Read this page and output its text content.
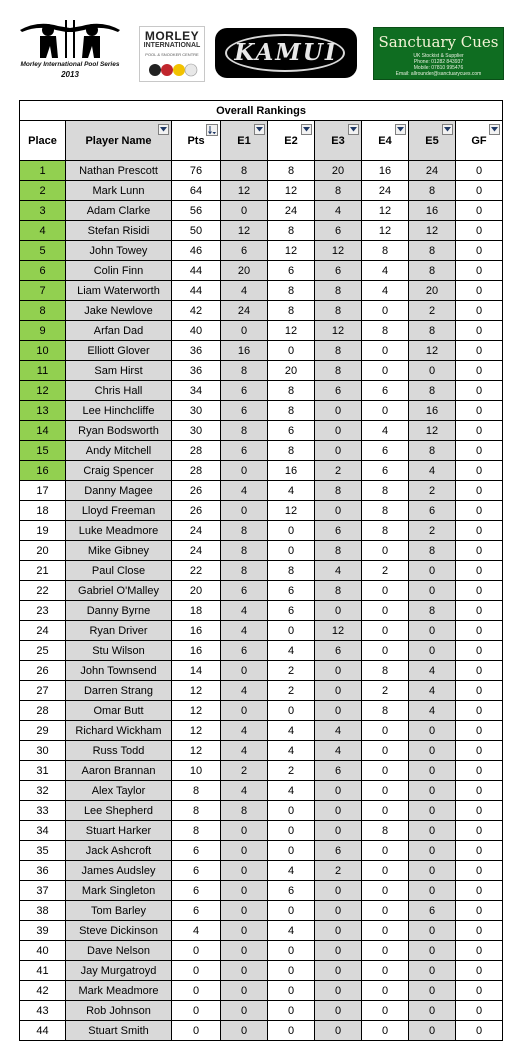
Morley International Pool Series
2013
MORLEY
INTERNATIONAL
POOL & SNOOKER CENTRE	KAMUI	Sanctuary Cues
UK Stockist & Supplier
Phone: 01282 843937
Mobile: 07810 995476
Email: allrounder@sanctuarycues.com
Overall Rankings								
Place	Player Name	Pts	E1	E2	E3	E4	E5	GF

1	Nathan Prescott	76	8	8	20	16	24	0
2	Mark Lunn	64	12	12	8	24	8	0
3	Adam Clarke	56	0	24	4	12	16	0
4	Stefan Risidi	50	12	8	6	12	12	0
5	John Towey	46	6	12	12	8	8	0
6	Colin Finn	44	20	6	6	4	8	0
7	Liam Waterworth	44	4	8	8	4	20	0
8	Jake Newlove	42	24	8	8	0	2	0
9	Arfan Dad	40	0	12	12	8	8	0
10	Elliott Glover	36	16	0	8	0	12	0
11	Sam Hirst	36	8	20	8	0	0	0
12	Chris Hall	34	6	8	6	6	8	0
13	Lee Hinchcliffe	30	6	8	0	0	16	0
14	Ryan Bodsworth	30	8	6	0	4	12	0
15	Andy Mitchell	28	6	8	0	6	8	0
16	Craig Spencer	28	0	16	2	6	4	0
17	Danny Magee	26	4	4	8	8	2	0
18	Lloyd Freeman	26	0	12	0	8	6	0
19	Luke Meadmore	24	8	0	6	8	2	0
20	Mike Gibney	24	8	0	8	0	8	0
21	Paul Close	22	8	8	4	2	0	0
22	Gabriel O'Malley	20	6	6	8	0	0	0
23	Danny Byrne	18	4	6	0	0	8	0
24	Ryan Driver	16	4	0	12	0	0	0
25	Stu Wilson	16	6	4	6	0	0	0
26	John Townsend	14	0	2	0	8	4	0
27	Darren Strang	12	4	2	0	2	4	0
28	Omar Butt	12	0	0	0	8	4	0
29	Richard Wickham	12	4	4	4	0	0	0
30	Russ Todd	12	4	4	4	0	0	0
31	Aaron Brannan	10	2	2	6	0	0	0
32	Alex Taylor	8	4	4	0	0	0	0
33	Lee Shepherd	8	8	0	0	0	0	0
34	Stuart Harker	8	0	0	0	8	0	0
35	Jack Ashcroft	6	0	0	6	0	0	0
36	James Audsley	6	0	4	2	0	0	0
37	Mark Singleton	6	0	6	0	0	0	0
38	Tom Barley	6	0	0	0	0	6	0
39	Steve Dickinson	4	0	4	0	0	0	0
40	Dave Nelson	0	0	0	0	0	0	0
41	Jay Murgatroyd	0	0	0	0	0	0	0
42	Mark Meadmore	0	0	0	0	0	0	0
43	Rob Johnson	0	0	0	0	0	0	0
44	Stuart Smith	0	0	0	0	0	0	0
